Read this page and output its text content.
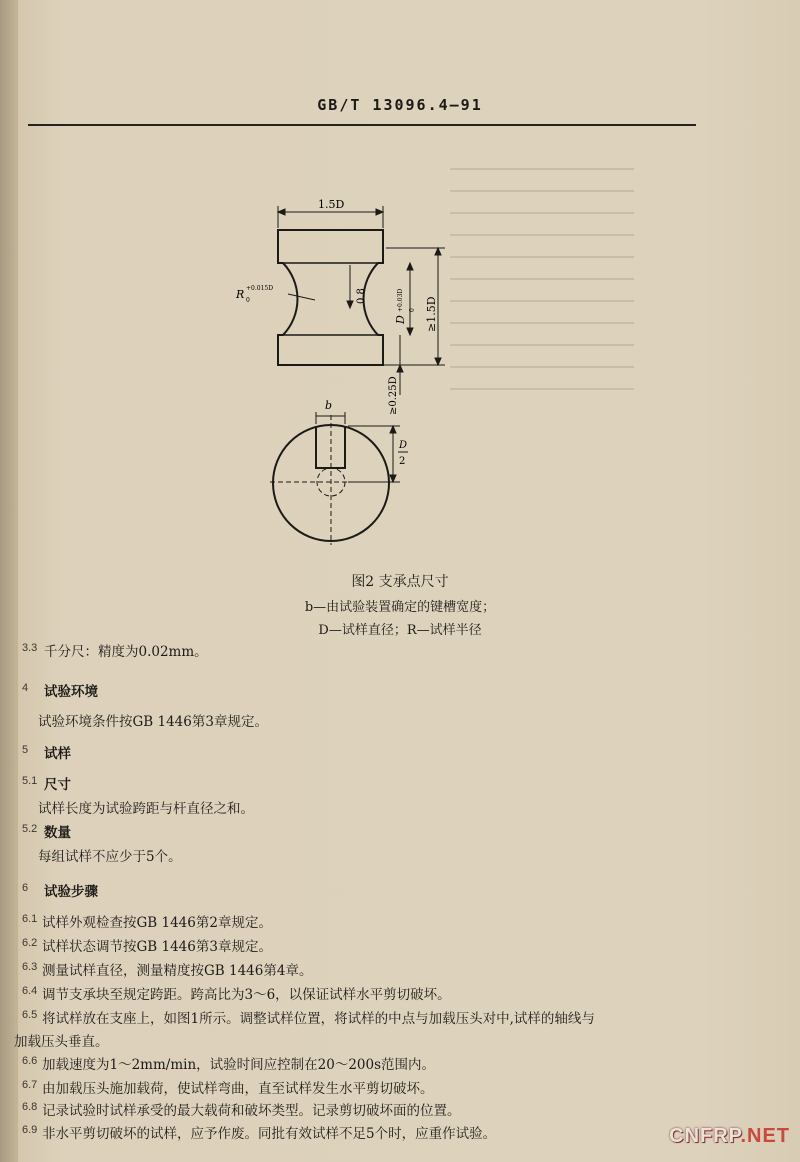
GB/T 13096.4—91
1.5D
R +0.015D
0	0.8
D
+0.03D 0 ≥1.5D
≥0.25D
b
D
2
图2 支承点尺寸
b—由试验装置确定的键槽宽度；
D—试样直径；R—试样半径
3.3 千分尺：精度为0.02mm。
4 试验环境
试验环境条件按GB 1446第3章规定。
5 试样
5.1 尺寸
试样长度为试验跨距与杆直径之和。
5.2 数量
每组试样不应少于5个。
6 试验步骤
6.1 试样外观检查按GB 1446第2章规定。
6.2 试样状态调节按GB 1446第3章规定。
6.3 测量试样直径，测量精度按GB 1446第4章。
6.4 调节支承块至规定跨距。跨高比为3～6，以保证试样水平剪切破坏。
6.5 将试样放在支座上，如图1所示。调整试样位置，将试样的中点与加载压头对中,试样的轴线与
加载压头垂直。
6.6 加载速度为1～2mm/min，试验时间应控制在20～200s范围内。
6.7 由加载压头施加载荷，使试样弯曲，直至试样发生水平剪切破坏。
6.8 记录试验时试样承受的最大载荷和破坏类型。记录剪切破坏面的位置。
6.9 非水平剪切破坏的试样，应予作废。同批有效试样不足5个时，应重作试验。	CNFRP.NET
